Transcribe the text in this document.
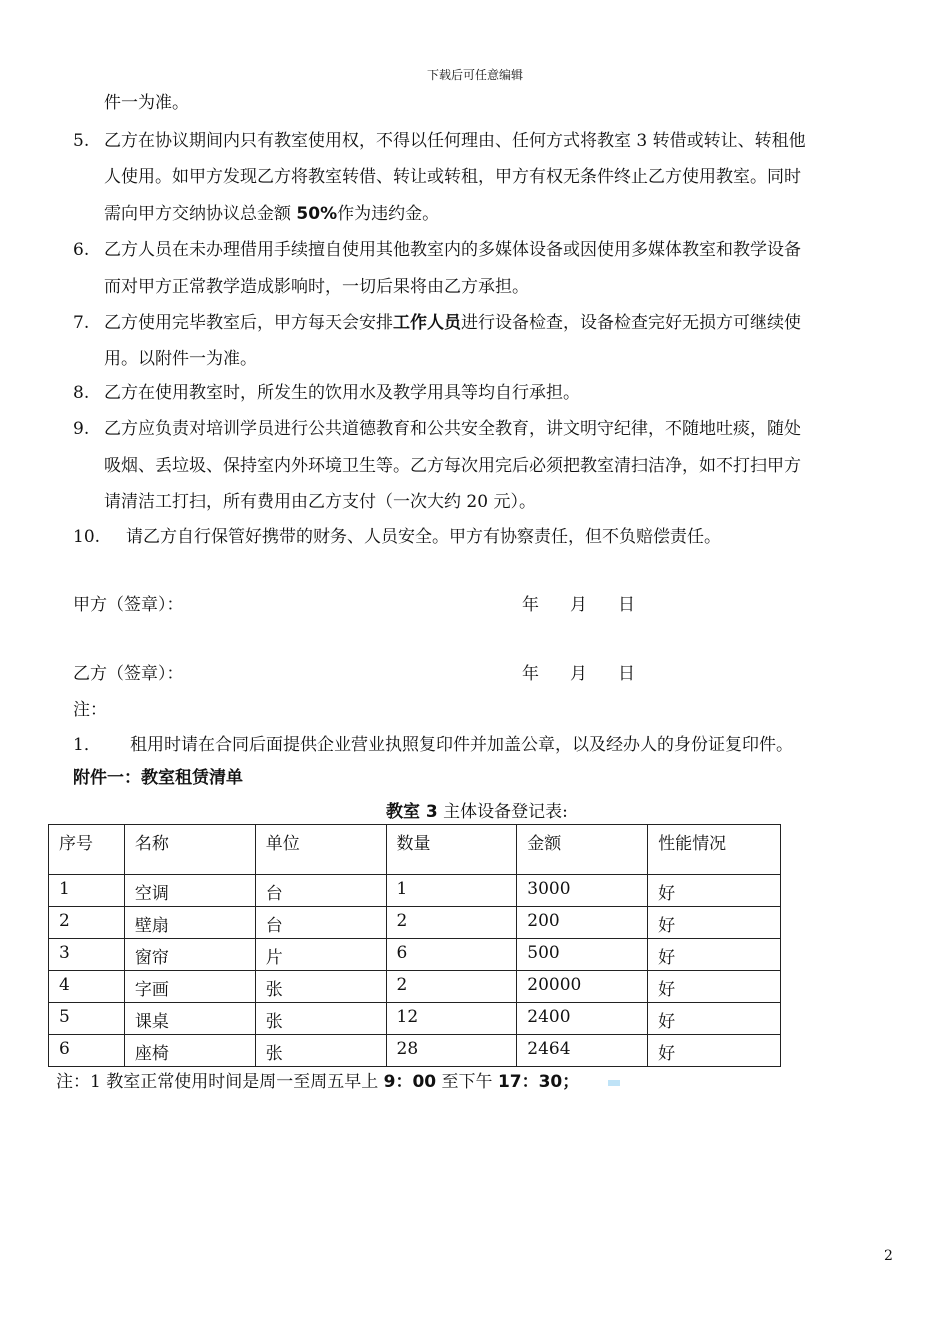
下载后可任意编辑
件一为准。
5. 乙方在协议期间内只有教室使用权，不得以任何理由、任何方式将教室 3 转借或转让、转租他
人使用。如甲方发现乙方将教室转借、转让或转租，甲方有权无条件终止乙方使用教室。同时
需向甲方交纳协议总金额 50%作为违约金。
6. 乙方人员在未办理借用手续擅自使用其他教室内的多媒体设备或因使用多媒体教室和教学设备
而对甲方正常教学造成影响时，一切后果将由乙方承担。
7. 乙方使用完毕教室后，甲方每天会安排工作人员进行设备检查，设备检查完好无损方可继续使
用。以附件一为准。
8. 乙方在使用教室时，所发生的饮用水及教学用具等均自行承担。
9. 乙方应负责对培训学员进行公共道德教育和公共安全教育，讲文明守纪律，不随地吐痰，随处
吸烟、丢垃圾、保持室内外环境卫生等。乙方每次用完后必须把教室清扫洁净，如不打扫甲方
请清洁工打扫，所有费用由乙方支付（一次大约 20 元）。
10. 请乙方自行保管好携带的财务、人员安全。甲方有协察责任，但不负赔偿责任。
甲方（签章）：	年 月 日
乙方（签章）：	年 月 日
注：
1． 租用时请在合同后面提供企业营业执照复印件并加盖公章，以及经办人的身份证复印件。
附件一：教室租赁清单
教室 3 主体设备登记表:
序号	名称	单位	数量	金额	性能情况
1	空调	台	1	3000	好
2	壁扇	台	2	200	好
3	窗帘	片	6	500	好
4	字画	张	2	20000	好
5	课桌	张	12	2400	好
6	座椅	张	28	2464	好
注：1 教室正常使用时间是周一至周五早上 9：00 至下午 17：30；
2
